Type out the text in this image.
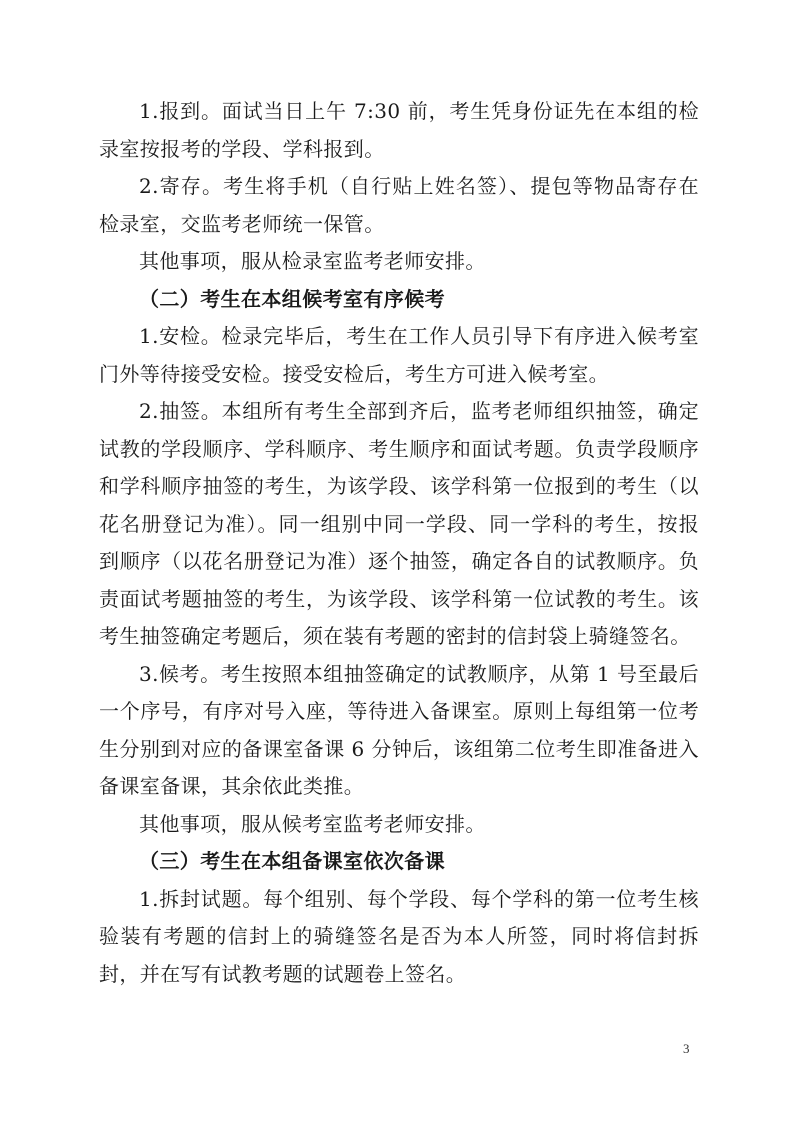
1.报到。面试当日上午 7:30 前，考生凭身份证先在本组的检录室按报考的学段、学科报到。

2.寄存。考生将手机（自行贴上姓名签）、提包等物品寄存在检录室，交监考老师统一保管。

其他事项，服从检录室监考老师安排。

（二）考生在本组候考室有序候考

1.安检。检录完毕后，考生在工作人员引导下有序进入候考室门外等待接受安检。接受安检后，考生方可进入候考室。

2.抽签。本组所有考生全部到齐后，监考老师组织抽签，确定试教的学段顺序、学科顺序、考生顺序和面试考题。负责学段顺序和学科顺序抽签的考生，为该学段、该学科第一位报到的考生（以花名册登记为准）。同一组别中同一学段、同一学科的考生，按报到顺序（以花名册登记为准）逐个抽签，确定各自的试教顺序。负责面试考题抽签的考生，为该学段、该学科第一位试教的考生。该考生抽签确定考题后，须在装有考题的密封的信封袋上骑缝签名。

3.候考。考生按照本组抽签确定的试教顺序，从第 1 号至最后一个序号，有序对号入座，等待进入备课室。原则上每组第一位考生分别到对应的备课室备课 6 分钟后，该组第二位考生即准备进入备课室备课，其余依此类推。

其他事项，服从候考室监考老师安排。

（三）考生在本组备课室依次备课

1.拆封试题。每个组别、每个学段、每个学科的第一位考生核验装有考题的信封上的骑缝签名是否为本人所签，同时将信封拆封，并在写有试教考题的试题卷上签名。

3
